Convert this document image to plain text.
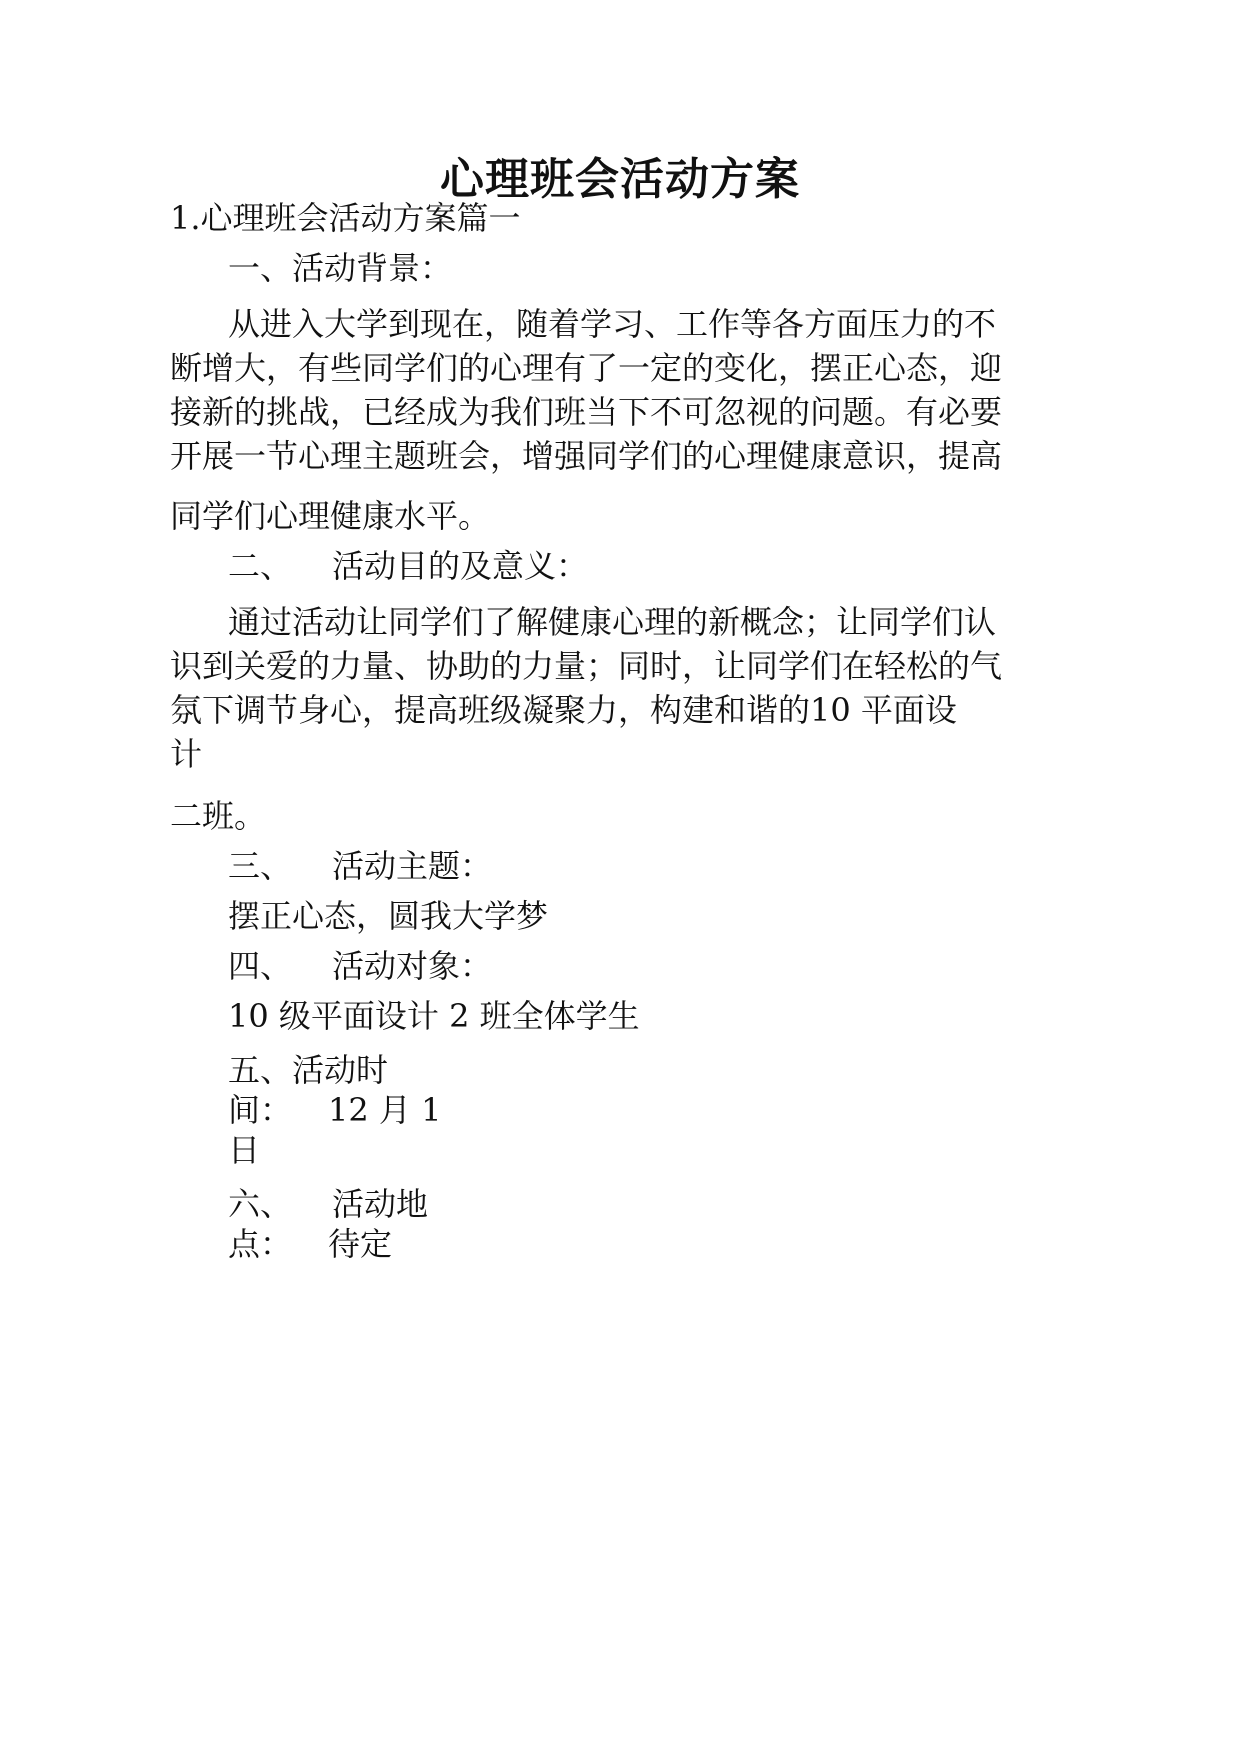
心理班会活动方案
1.心理班会活动方案篇一
一、活动背景：
从进入大学到现在，随着学习、工作等各方面压力的不
断增大，有些同学们的心理有了一定的变化，摆正心态，迎
接新的挑战，已经成为我们班当下不可忽视的问题。有必要
开展一节心理主题班会，增强同学们的心理健康意识，提高
同学们心理健康水平。
二、 活动目的及意义：
通过活动让同学们了解健康心理的新概念；让同学们认
识到关爱的力量、协助的力量；同时，让同学们在轻松的气
氛下调节身心，提高班级凝聚力，构建和谐的10 平面设
计
二班。
三、 活动主题：
摆正心态，圆我大学梦
四、 活动对象：
10 级平面设计 2 班全体学生
五、活动时
间： 12 月 1
日
六、 活动地
点： 待定
